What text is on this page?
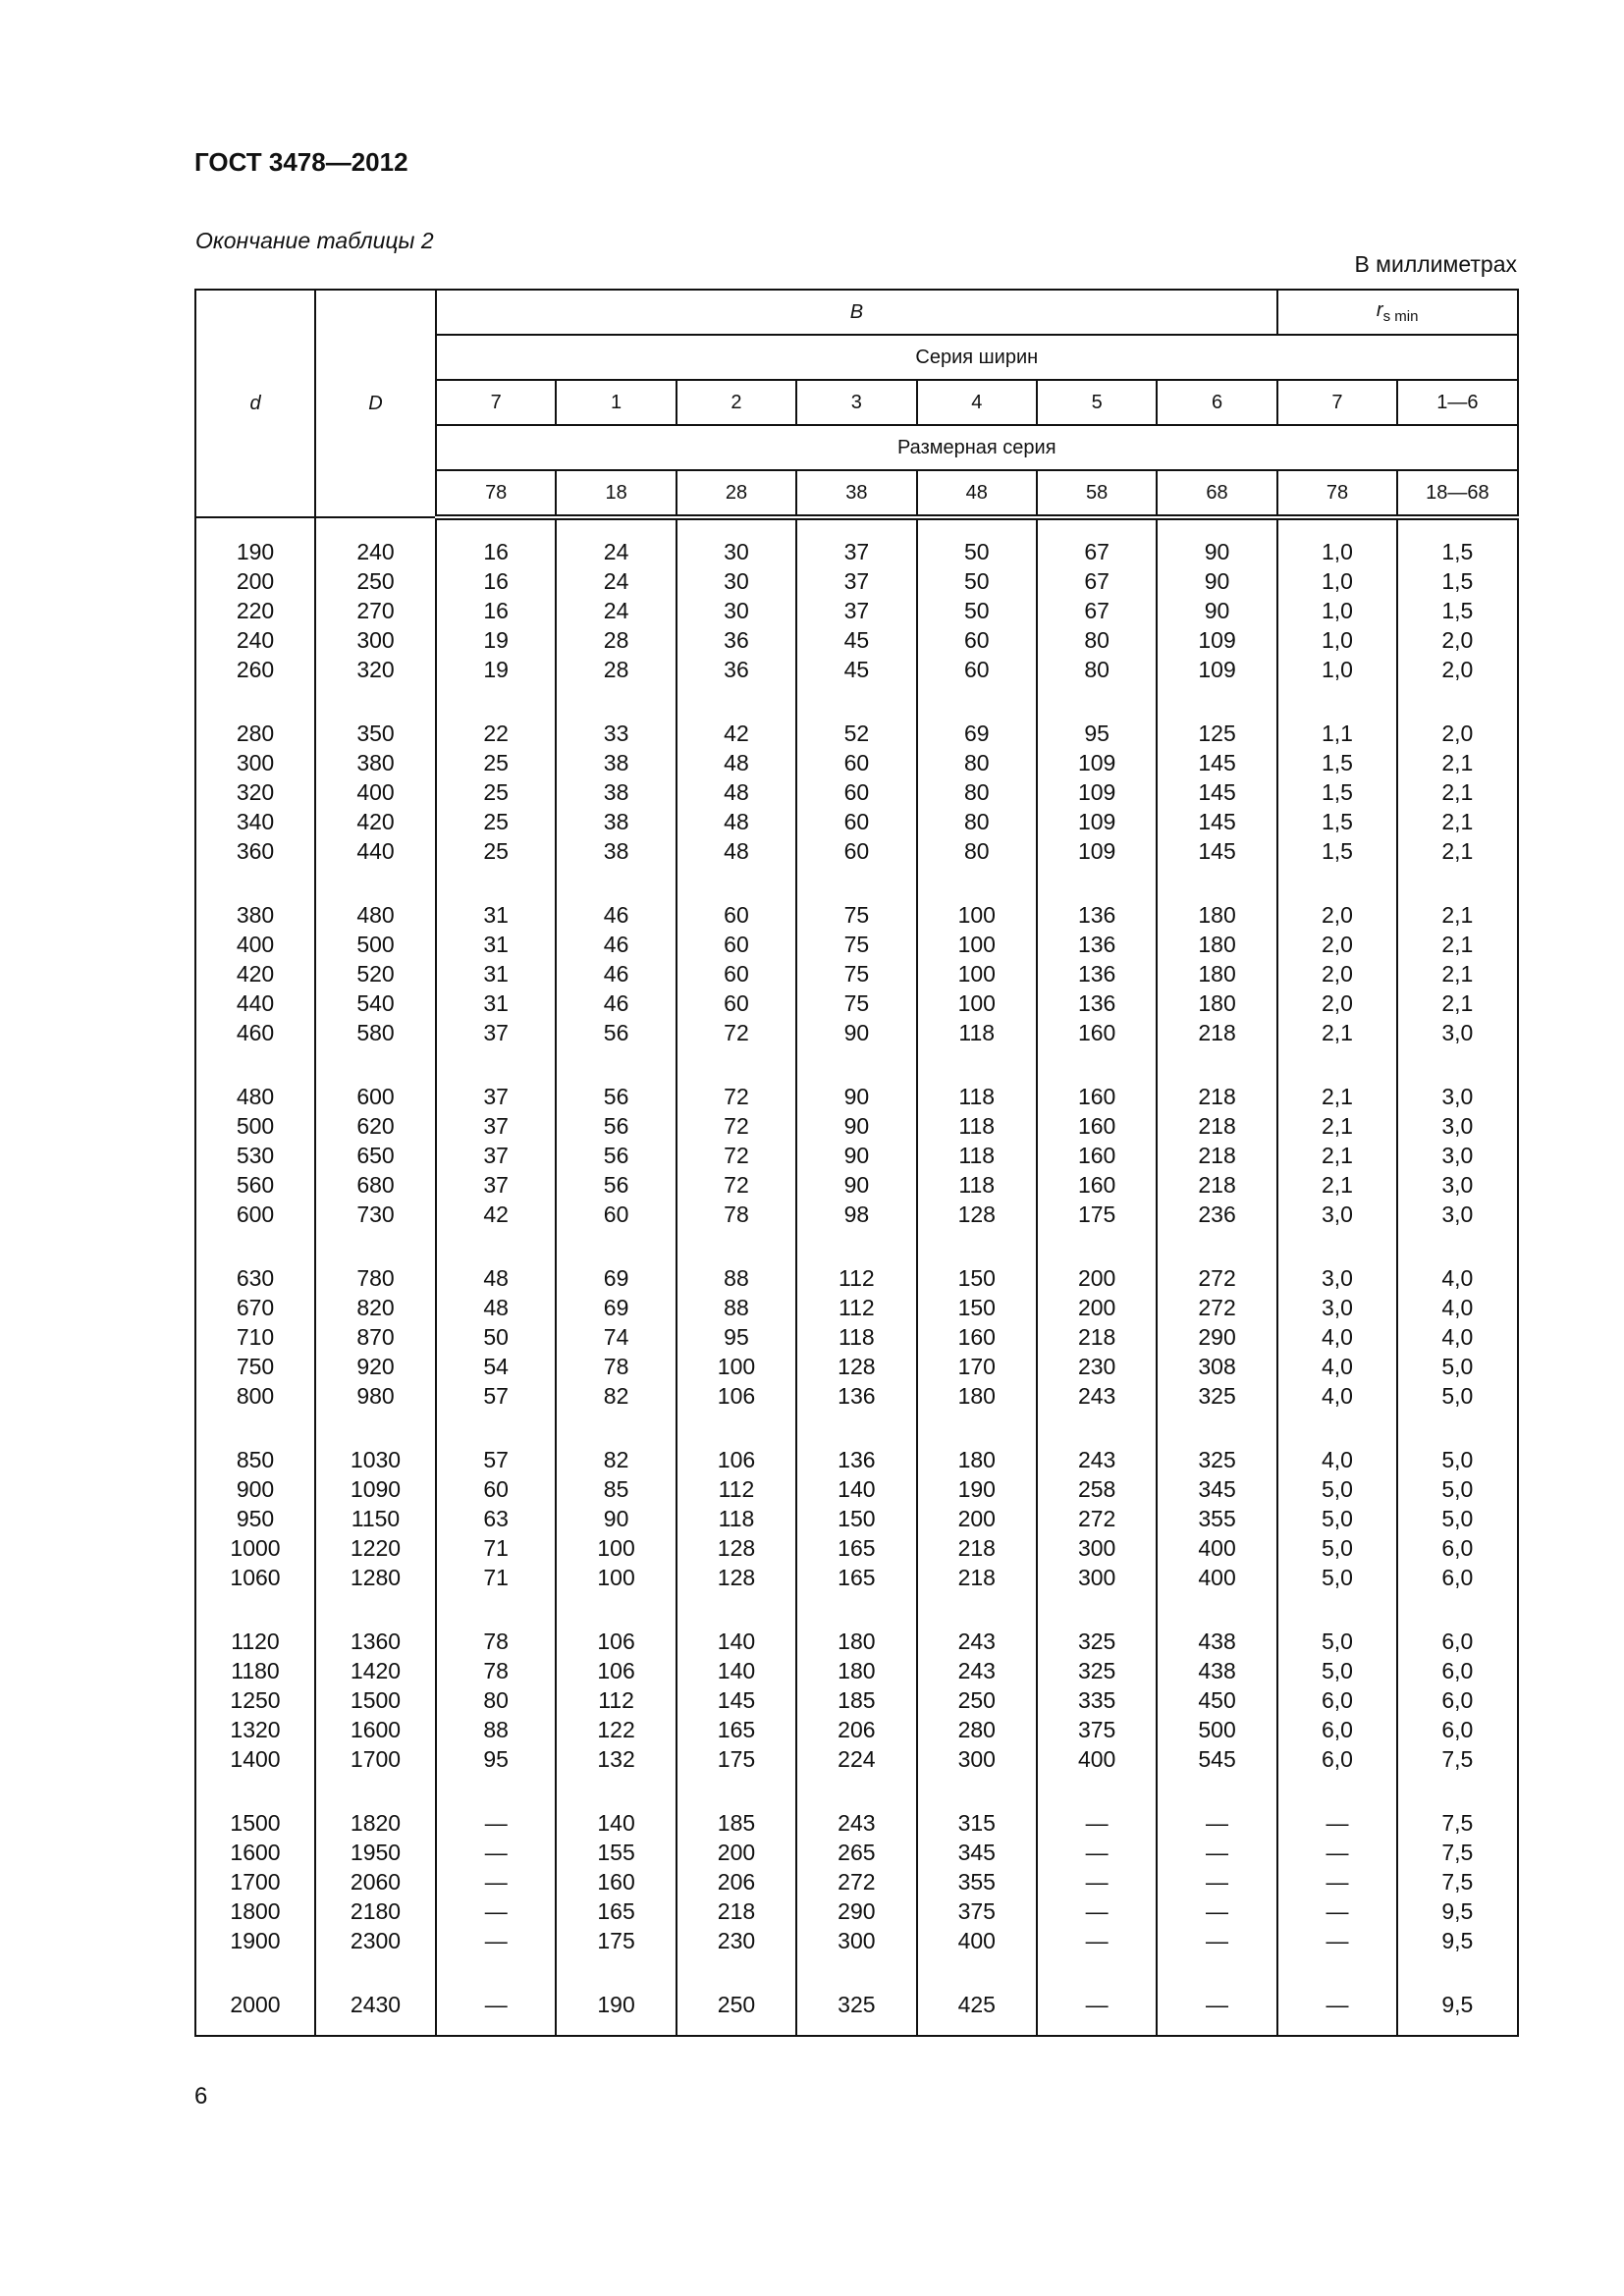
ГОСТ 3478—2012
Окончание таблицы 2
В миллиметрах
d	D	B							$r_{s min}$
		Серия ширин								
		7	1	2	3	4	5	6	7	1—6
		Размерная серия								
		78	18	28	38	48	58	68	78	18—68

190	240	16	24	30	37	50	67	90	1,0	1,5
200	250	16	24	30	37	50	67	90	1,0	1,5
220	270	16	24	30	37	50	67	90	1,0	1,5
240	300	19	28	36	45	60	80	109	1,0	2,0
260	320	19	28	36	45	60	80	109	1,0	2,0

280	350	22	33	42	52	69	95	125	1,1	2,0
300	380	25	38	48	60	80	109	145	1,5	2,1
320	400	25	38	48	60	80	109	145	1,5	2,1
340	420	25	38	48	60	80	109	145	1,5	2,1
360	440	25	38	48	60	80	109	145	1,5	2,1

380	480	31	46	60	75	100	136	180	2,0	2,1
400	500	31	46	60	75	100	136	180	2,0	2,1
420	520	31	46	60	75	100	136	180	2,0	2,1
440	540	31	46	60	75	100	136	180	2,0	2,1
460	580	37	56	72	90	118	160	218	2,1	3,0

480	600	37	56	72	90	118	160	218	2,1	3,0
500	620	37	56	72	90	118	160	218	2,1	3,0
530	650	37	56	72	90	118	160	218	2,1	3,0
560	680	37	56	72	90	118	160	218	2,1	3,0
600	730	42	60	78	98	128	175	236	3,0	3,0

630	780	48	69	88	112	150	200	272	3,0	4,0
670	820	48	69	88	112	150	200	272	3,0	4,0
710	870	50	74	95	118	160	218	290	4,0	4,0
750	920	54	78	100	128	170	230	308	4,0	5,0
800	980	57	82	106	136	180	243	325	4,0	5,0

850	1030	57	82	106	136	180	243	325	4,0	5,0
900	1090	60	85	112	140	190	258	345	5,0	5,0
950	1150	63	90	118	150	200	272	355	5,0	5,0
1000	1220	71	100	128	165	218	300	400	5,0	6,0
1060	1280	71	100	128	165	218	300	400	5,0	6,0

1120	1360	78	106	140	180	243	325	438	5,0	6,0
1180	1420	78	106	140	180	243	325	438	5,0	6,0
1250	1500	80	112	145	185	250	335	450	6,0	6,0
1320	1600	88	122	165	206	280	375	500	6,0	6,0
1400	1700	95	132	175	224	300	400	545	6,0	7,5

1500	1820	—	140	185	243	315	—	—	—	7,5
1600	1950	—	155	200	265	345	—	—	—	7,5
1700	2060	—	160	206	272	355	—	—	—	7,5
1800	2180	—	165	218	290	375	—	—	—	9,5
1900	2300	—	175	230	300	400	—	—	—	9,5

2000	2430	—	190	250	325	425	—	—	—	9,5

6
